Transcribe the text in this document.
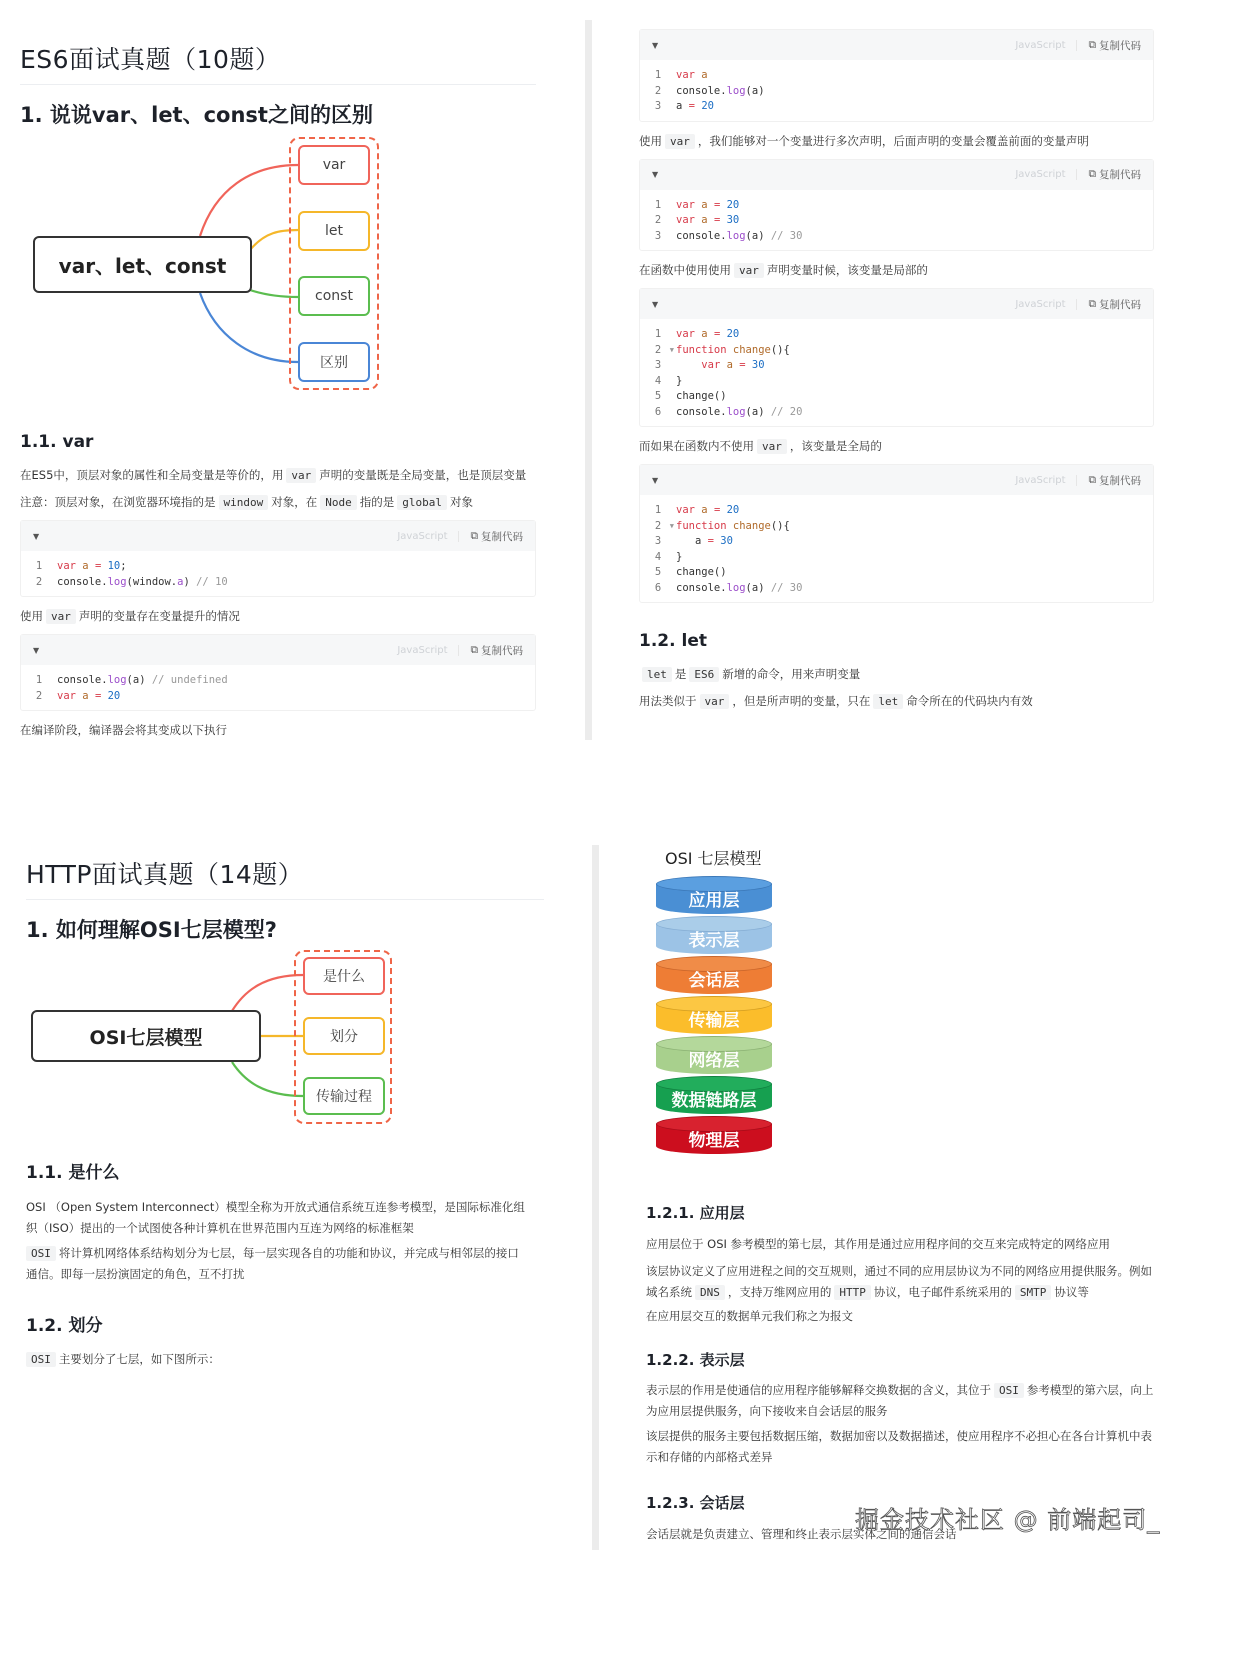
ES6面试真题（10题）
1. 说说var、let、const之间的区别
var、let、const
var
let
const
区别
1.1. var
在ES5中，顶层对象的属性和全局变量是等价的，用 var 声明的变量既是全局变量，也是顶层变量
注意：顶层对象，在浏览器环境指的是 window 对象，在 Node 指的是 global 对象
▼	JavaScript	⧉ 复制代码
1	var a = 10;
2	console.log(window.a) // 10
使用 var 声明的变量存在变量提升的情况
▼	JavaScript	⧉ 复制代码
1	console.log(a) // undefined
2	var a = 20
在编译阶段，编译器会将其变成以下执行
▼	JavaScript	⧉ 复制代码
1	var a
2	console.log(a)
3	a = 20
使用 var ，我们能够对一个变量进行多次声明，后面声明的变量会覆盖前面的变量声明
▼	JavaScript	⧉ 复制代码
1	var a = 20
2	var a = 30
3	console.log(a) // 30
在函数中使用使用 var 声明变量时候，该变量是局部的
▼	JavaScript	⧉ 复制代码
1	var a = 20
2 ▼ function change(){
3	var a = 30
4	}
5	change()
6	console.log(a) // 20
而如果在函数内不使用 var ，该变量是全局的
▼	JavaScript	⧉ 复制代码
1	var a = 20
2 ▼ function change(){
3	a = 30
4	}
5	change()
6	console.log(a) // 30
1.2. let
let 是 ES6 新增的命令，用来声明变量
用法类似于 var ，但是所声明的变量，只在 let 命令所在的代码块内有效
HTTP面试真题（14题）
1. 如何理解OSI七层模型?
OSI七层模型
是什么
划分
传输过程
1.1. 是什么
OSI （Open System Interconnect）模型全称为开放式通信系统互连参考模型，是国际标准化组织（ISO）提出的一个试图使各种计算机在世界范围内互连为网络的标准框架
OSI 将计算机网络体系结构划分为七层，每一层实现各自的功能和协议，并完成与相邻层的接口通信。即每一层扮演固定的角色，互不打扰
1.2. 划分
OSI 主要划分了七层，如下图所示：
OSI 七层模型
应用层
表示层
会话层
传输层
网络层
数据链路层
物理层
1.2.1. 应用层
应用层位于 OSI 参考模型的第七层，其作用是通过应用程序间的交互来完成特定的网络应用
该层协议定义了应用进程之间的交互规则，通过不同的应用层协议为不同的网络应用提供服务。例如域名系统 DNS ，支持万维网应用的 HTTP 协议，电子邮件系统采用的 SMTP 协议等
在应用层交互的数据单元我们称之为报文
1.2.2. 表示层
表示层的作用是使通信的应用程序能够解释交换数据的含义，其位于 OSI 参考模型的第六层，向上为应用层提供服务，向下接收来自会话层的服务
该层提供的服务主要包括数据压缩，数据加密以及数据描述，使应用程序不必担心在各台计算机中表示和存储的内部格式差异
1.2.3. 会话层
会话层就是负责建立、管理和终止表示层实体之间的通信会话
掘金技术社区 @ 前端起司_
